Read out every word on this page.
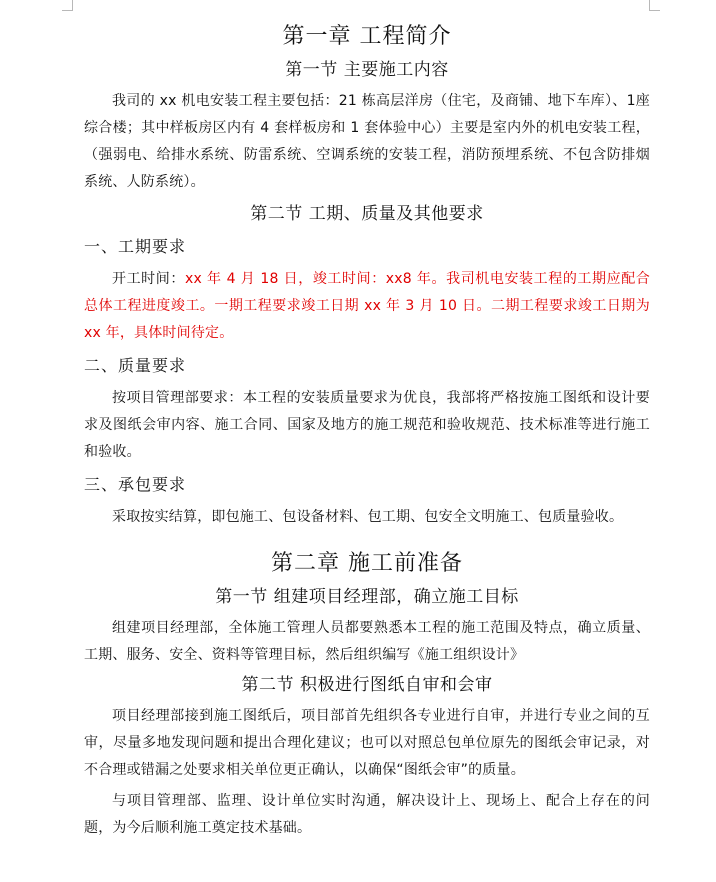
第一章 工程简介
第一节 主要施工内容

我司的 xx 机电安装工程主要包括：21 栋高层洋房（住宅，及商铺、地下车库）、1座综合楼；其中样板房区内有 4 套样板房和 1 套体验中心）主要是室内外的机电安装工程，（强弱电、给排水系统、防雷系统、空调系统的安装工程，消防预埋系统、不包含防排烟系统、人防系统）。

第二节 工期、质量及其他要求
一、工期要求

开工时间：xx 年 4 月 18 日，竣工时间：xx8 年。我司机电安装工程的工期应配合总体工程进度竣工。一期工程要求竣工日期 xx 年 3 月 10 日。二期工程要求竣工日期为 xx 年，具体时间待定。

二、质量要求

按项目管理部要求：本工程的安装质量要求为优良，我部将严格按施工图纸和设计要求及图纸会审内容、施工合同、国家及地方的施工规范和验收规范、技术标准等进行施工和验收。

三、承包要求

采取按实结算，即包施工、包设备材料、包工期、包安全文明施工、包质量验收。

第二章 施工前准备
第一节 组建项目经理部，确立施工目标

组建项目经理部，全体施工管理人员都要熟悉本工程的施工范围及特点，确立质量、工期、服务、安全、资料等管理目标，然后组织编写《施工组织设计》

第二节 积极进行图纸自审和会审

项目经理部接到施工图纸后，项目部首先组织各专业进行自审，并进行专业之间的互审，尽量多地发现问题和提出合理化建议；也可以对照总包单位原先的图纸会审记录，对不合理或错漏之处要求相关单位更正确认，以确保“图纸会审”的质量。

与项目管理部、监理、设计单位实时沟通，解决设计上、现场上、配合上存在的问题，为今后顺利施工奠定技术基础。
